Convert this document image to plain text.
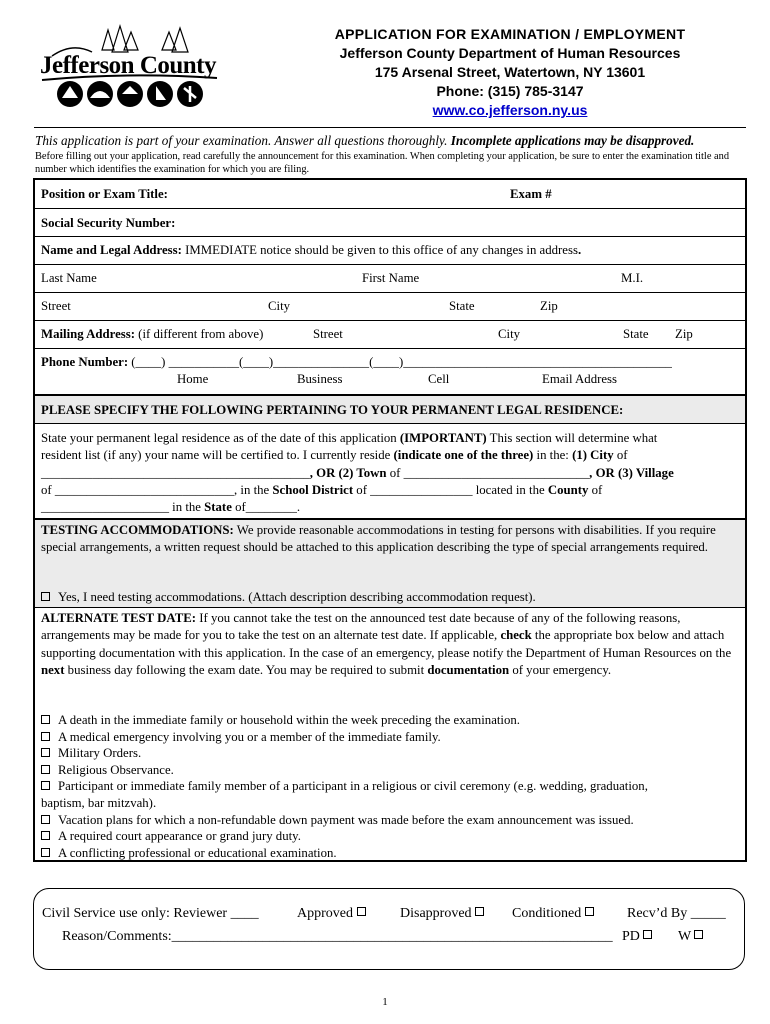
Jefferson County
APPLICATION FOR EXAMINATION / EMPLOYMENT
Jefferson County Department of Human Resources
175 Arsenal Street, Watertown, NY 13601
Phone: (315) 785-3147
www.co.jefferson.ny.us
This application is part of your examination. Answer all questions thoroughly. Incomplete applications may be disapproved.
Before filling out your application, read carefully the announcement for this examination. When completing your application, be sure to enter the examination title and number which identifies the examination for which you are filing.
Position or Exam Title:	Exam #
Social Security Number:
Name and Legal Address: IMMEDIATE notice should be given to this office of any changes in address.
Last Name	First Name	M.I.
Street	City	State	Zip
Mailing Address: (if different from above)	Street	City	State Zip
Phone Number: (____) ___________(____)_______________(____)__________________________________________
Home	Business	Cell	Email Address
PLEASE SPECIFY THE FOLLOWING PERTAINING TO YOUR PERMANENT LEGAL RESIDENCE:
State your permanent legal residence as of the date of this application (IMPORTANT) This section will determine what
resident list (if any) your name will be certified to. I currently reside (indicate one of the three) in the: (1) City of
__________________________________________, OR (2) Town of _____________________________, OR (3) Village
of ____________________________, in the School District of ________________ located in the County of
____________________ in the State of________.
TESTING ACCOMMODATIONS: We provide reasonable accommodations in testing for persons with disabilities. If you require special arrangements, a written request should be attached to this application describing the type of special arrangements required.
Yes, I need testing accommodations. (Attach description describing accommodation request).
ALTERNATE TEST DATE: If you cannot take the test on the announced test date because of any of the following reasons, arrangements may be made for you to take the test on an alternate test date. If applicable, check the appropriate box below and attach supporting documentation with this application. In the case of an emergency, please notify the Department of Human Resources on the next business day following the exam date. You may be required to submit documentation of your emergency.
A death in the immediate family or household within the week preceding the examination.
A medical emergency involving you or a member of the immediate family.
Military Orders.
Religious Observance.
Participant or immediate family member of a participant in a religious or civil ceremony (e.g. wedding, graduation,
baptism, bar mitzvah).
Vacation plans for which a non-refundable down payment was made before the exam announcement was issued.
A required court appearance or grand jury duty.
A conflicting professional or educational examination.
Civil Service use only: Reviewer ____	Approved	Disapproved	Conditioned	Recv’d By _____
Reason/Comments:_______________________________________________________________ PD	W
1
